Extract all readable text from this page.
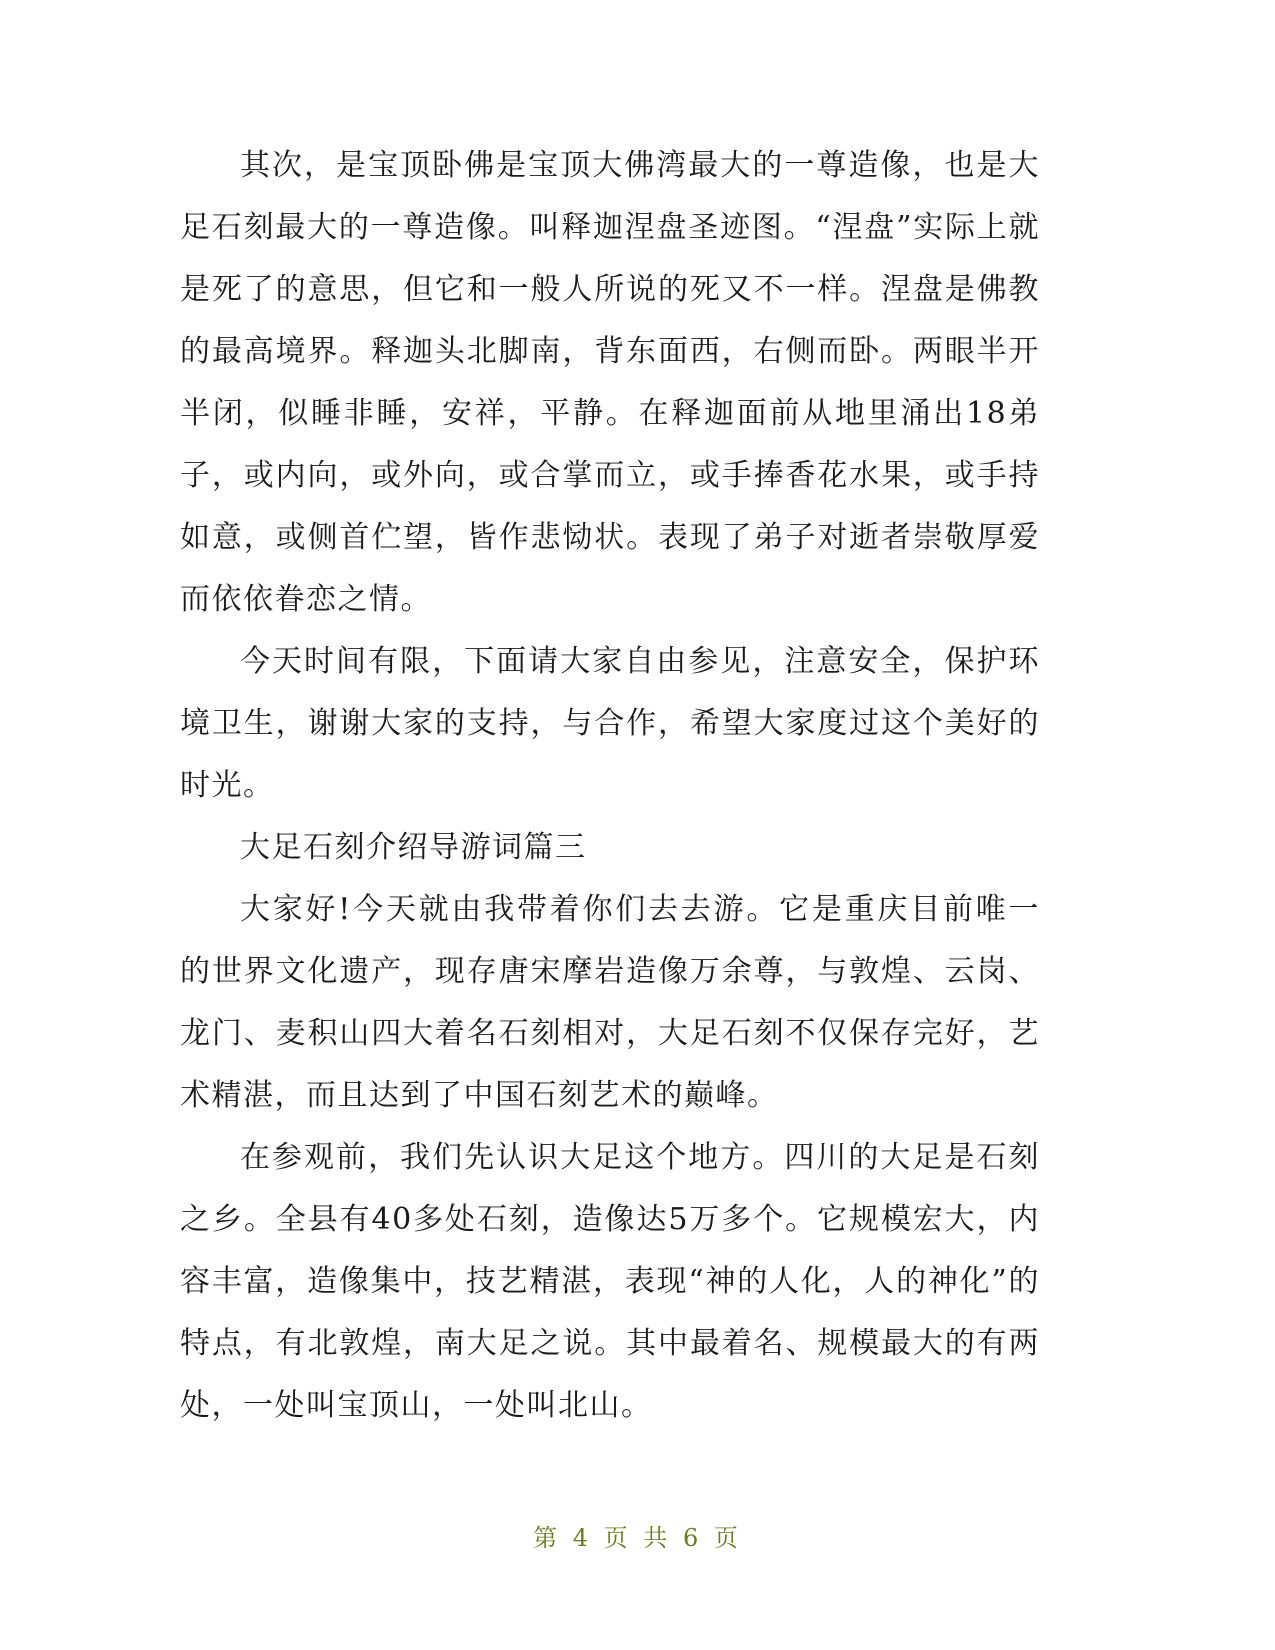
其次，是宝顶卧佛是宝顶大佛湾最大的一尊造像，也是大足石刻最大的一尊造像。叫释迦涅盘圣迹图。“涅盘”实际上就是死了的意思，但它和一般人所说的死又不一样。涅盘是佛教的最高境界。释迦头北脚南，背东面西，右侧而卧。两眼半开半闭，似睡非睡，安祥，平静。在释迦面前从地里涌出18弟子，或内向，或外向，或合掌而立，或手捧香花水果，或手持如意，或侧首伫望，皆作悲恸状。表现了弟子对逝者崇敬厚爱而依依眷恋之情。

今天时间有限，下面请大家自由参见，注意安全，保护环境卫生，谢谢大家的支持，与合作，希望大家度过这个美好的时光。

大足石刻介绍导游词篇三

大家好!今天就由我带着你们去去游。它是重庆目前唯一的世界文化遗产，现存唐宋摩岩造像万余尊，与敦煌、云岗、龙门、麦积山四大着名石刻相对，大足石刻不仅保存完好，艺术精湛，而且达到了中国石刻艺术的巅峰。

在参观前，我们先认识大足这个地方。四川的大足是石刻之乡。全县有40多处石刻，造像达5万多个。它规模宏大，内容丰富，造像集中，技艺精湛，表现“神的人化，人的神化”的特点，有北敦煌，南大足之说。其中最着名、规模最大的有两处，一处叫宝顶山，一处叫北山。

第 4 页 共 6 页
